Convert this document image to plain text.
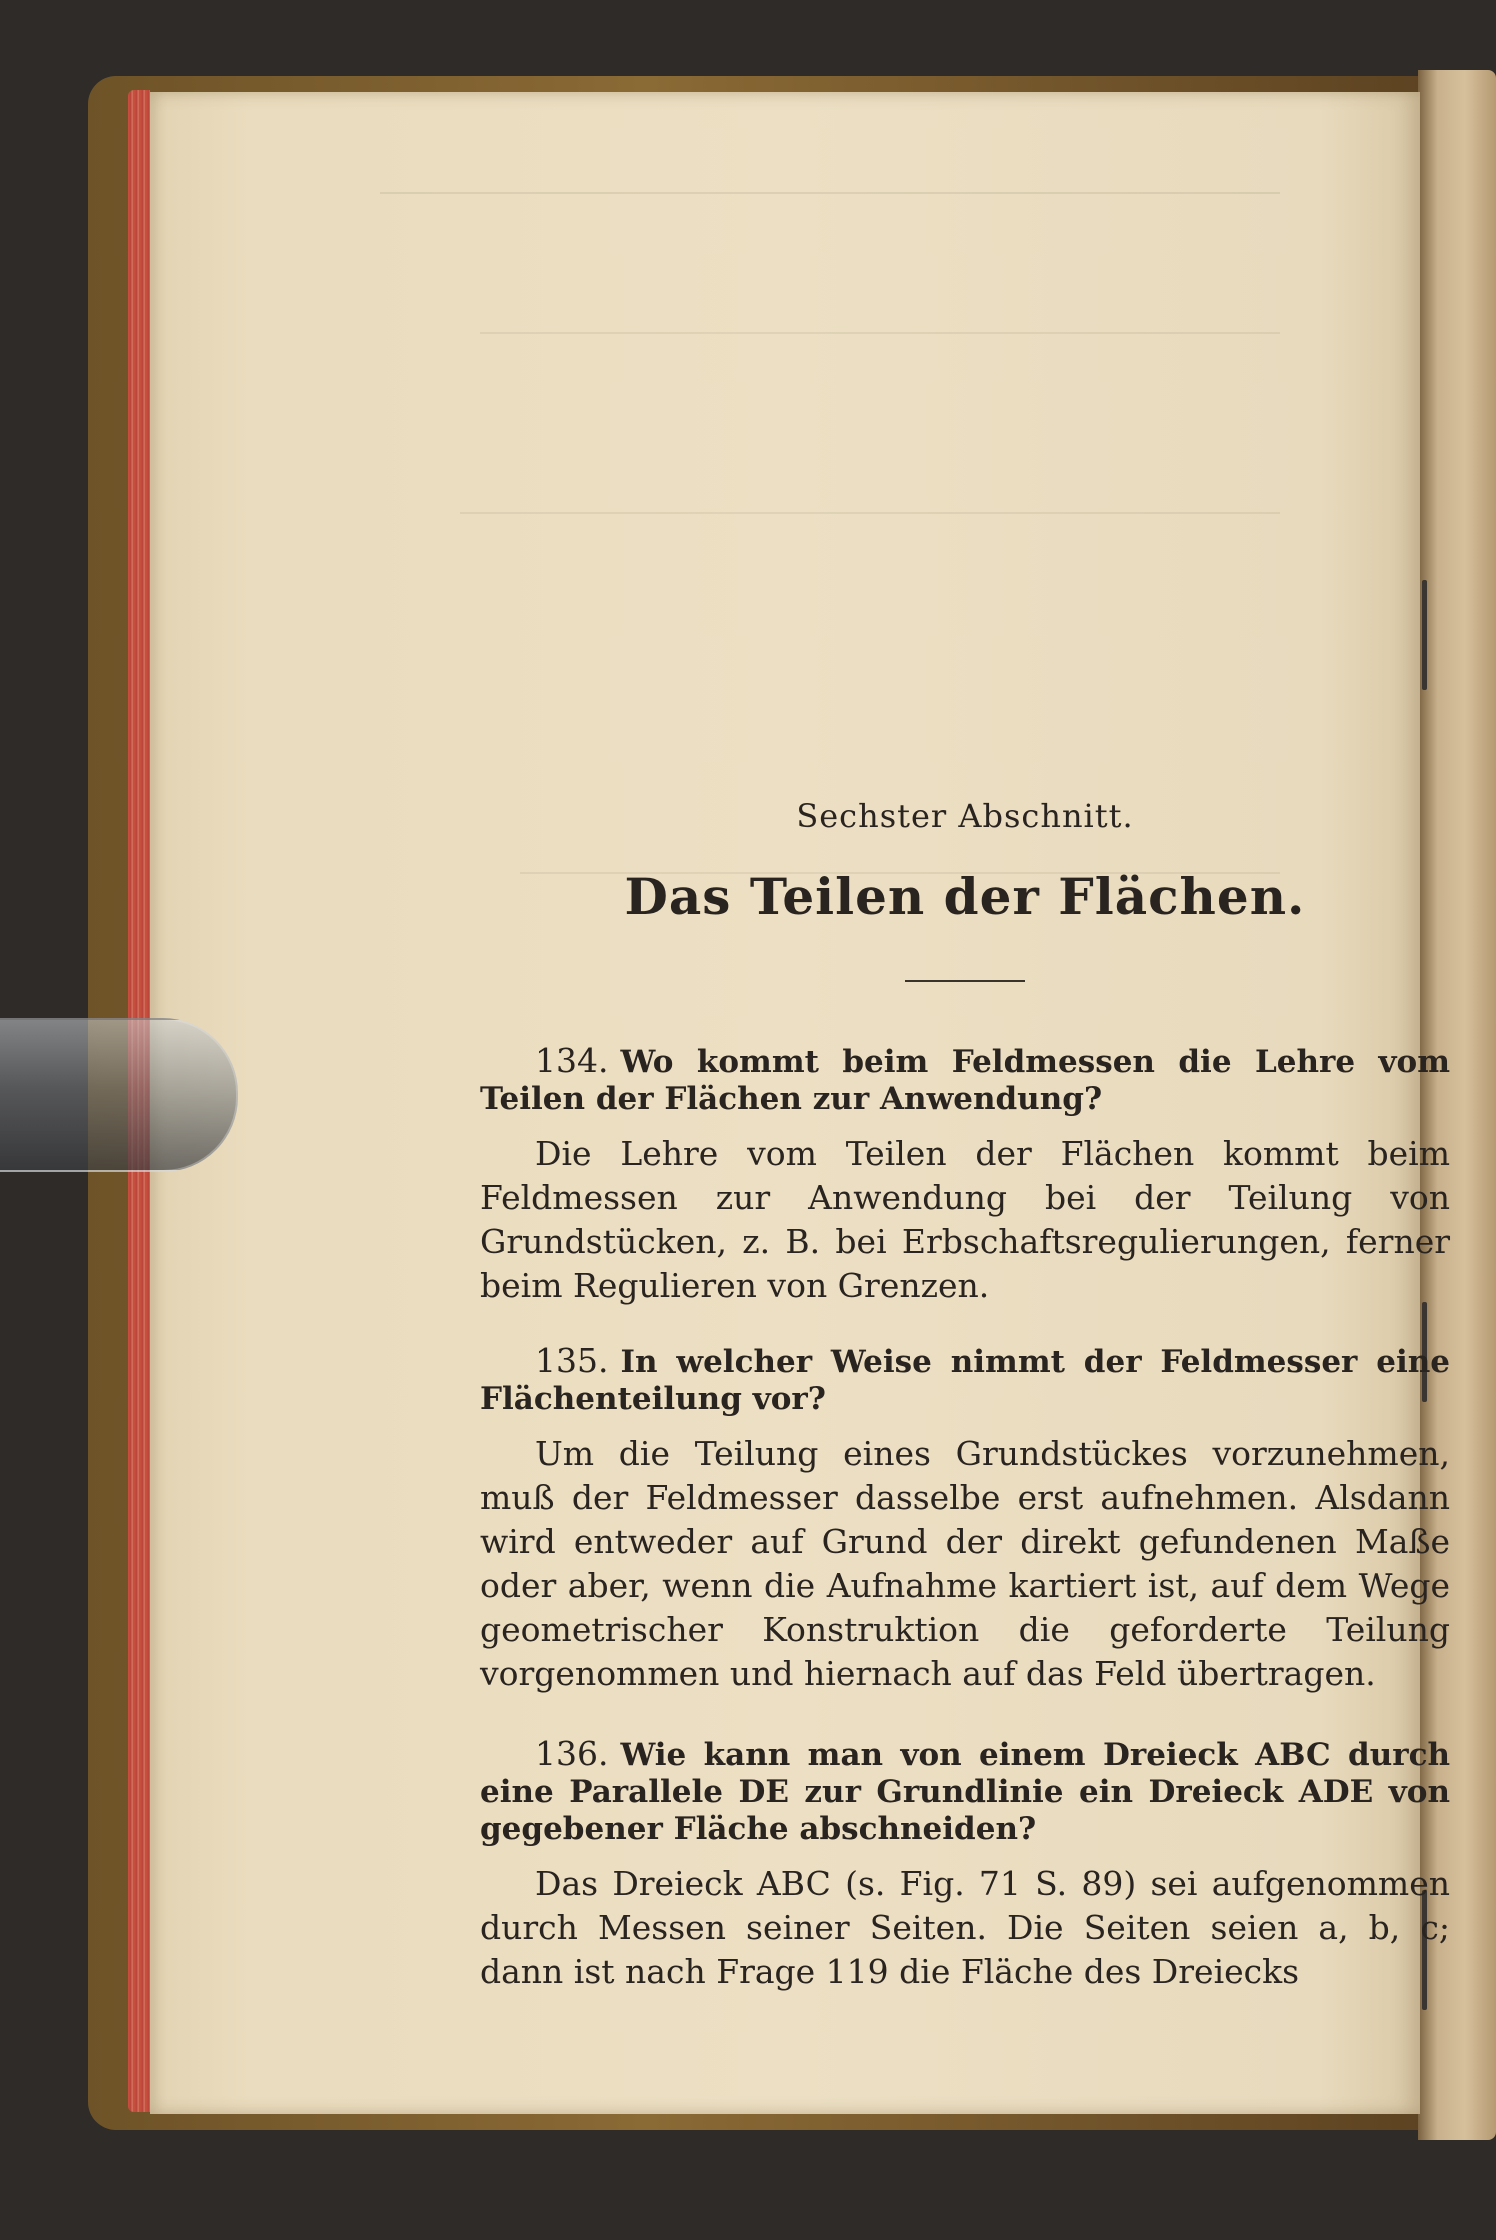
Sechster Abschnitt.
Das Teilen der Flächen.

134. Wo kommt beim Feldmessen die Lehre vom Teilen der Flächen zur Anwendung?

Die Lehre vom Teilen der Flächen kommt beim Feldmessen zur Anwendung bei der Teilung von Grundstücken, z. B. bei Erbschaftsregulierungen, ferner beim Regulieren von Grenzen.

135. In welcher Weise nimmt der Feldmesser eine Flächenteilung vor?

Um die Teilung eines Grundstückes vorzunehmen, muß der Feldmesser dasselbe erst aufnehmen. Alsdann wird entweder auf Grund der direkt gefundenen Maße oder aber, wenn die Aufnahme kartiert ist, auf dem Wege geometrischer Konstruktion die geforderte Teilung vorgenommen und hiernach auf das Feld übertragen.

136. Wie kann man von einem Dreieck ABC durch eine Parallele DE zur Grundlinie ein Dreieck ADE von gegebener Fläche abschneiden?

Das Dreieck ABC (s. Fig. 71 S. 89) sei aufgenommen durch Messen seiner Seiten. Die Seiten seien a, b, c; dann ist nach Frage 119 die Fläche des Dreiecks
